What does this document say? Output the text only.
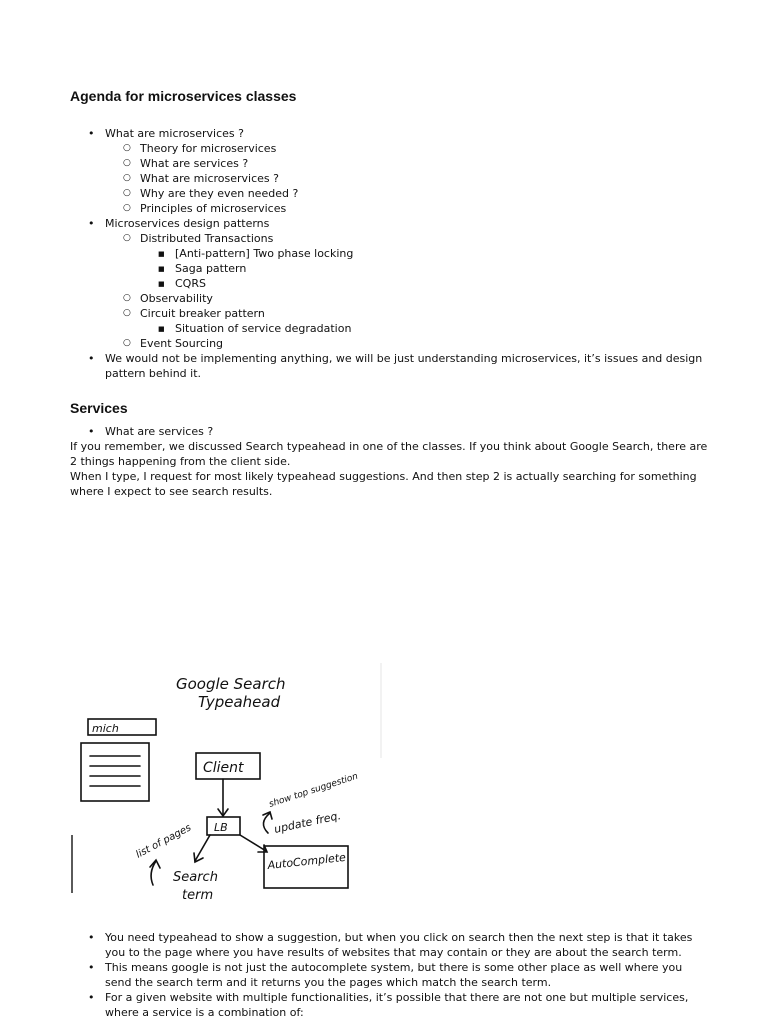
Agenda for microservices classes
• What are microservices ?
○ Theory for microservices
○ What are services ?
○ What are microservices ?
○ Why are they even needed ?
○ Principles of microservices
• Microservices design patterns
○ Distributed Transactions
■ [Anti-pattern] Two phase locking
■ Saga pattern
■ CQRS
○ Observability
○ Circuit breaker pattern
■ Situation of service degradation
○ Event Sourcing
• We would not be implementing anything, we will be just understanding microservices, it’s issues and design pattern behind it.
Services
• What are services ?

If you remember, we discussed Search typeahead in one of the classes. If you think about Google Search, there are 2 things happening from the client side.

When I type, I request for most likely typeahead suggestions. And then step 2 is actually searching for something where I expect to see search results.

Google Search
Typeahead
mich
Client
LB
show top suggestion
update freq.
list of pages
Search
term
AutoComplete
• You need typeahead to show a suggestion, but when you click on search then the next step is that it takes you to the page where you have results of websites that may contain or they are about the search term.
• This means google is not just the autocomplete system, but there is some other place as well where you send the search term and it returns you the pages which match the search term.
• For a given website with multiple functionalities, it’s possible that there are not one but multiple services, where a service is a combination of:
